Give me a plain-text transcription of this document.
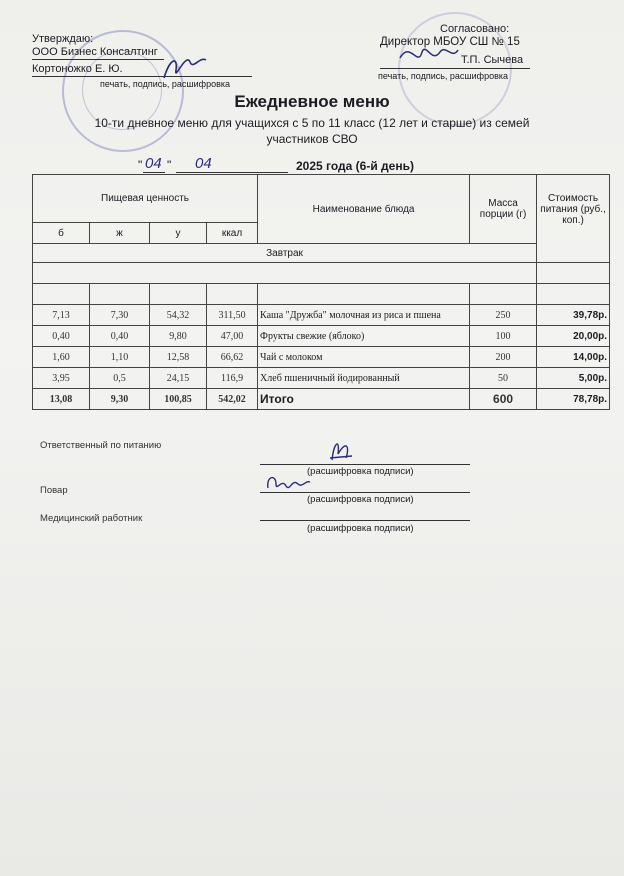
Утверждаю:
ООО Бизнес Консалтинг
Кортоножко Е. Ю.
печать, подпись, расшифровка
Согласовано:
Директор МБОУ СШ № 15
Т.П. Сычева
печать, подпись, расшифровка
Ежедневное меню
10-ти дневное меню для учащихся с 5 по 11 класс (12 лет и старше) из семей
участников СВО
" 04 " 04	2025 года (6-й день)
Пищевая ценность				Наименование блюда	Масса порции (г)	Стоимость питания (руб., коп.)
б	ж	у	ккал			
Завтрак						

7,13	7,30	54,32	311,50	Каша "Дружба" молочная из риса и пшена	250	39,78р.
0,40	0,40	9,80	47,00	Фрукты свежие (яблоко)	100	20,00р.
1,60	1,10	12,58	66,62	Чай с молоком	200	14,00р.
3,95	0,5	24,15	116,9	Хлеб пшеничный йодированный	50	5,00р.
13,08	9,30	100,85	542,02	Итого	600	78,78р.
Ответственный по питанию
(расшифровка подписи)
Повар
(расшифровка подписи)
Медицинский работник
(расшифровка подписи)
